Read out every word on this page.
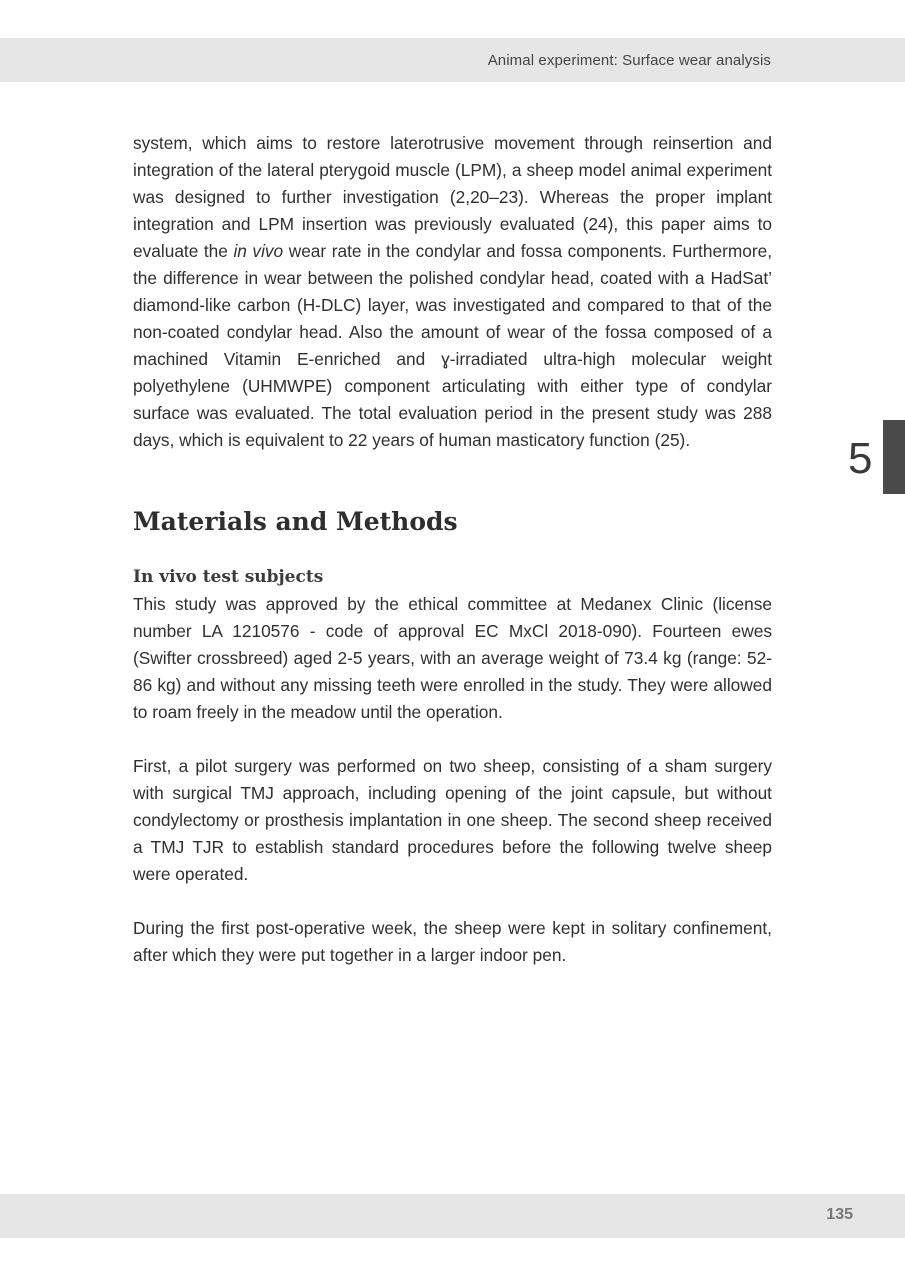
Animal experiment: Surface wear analysis
5

system, which aims to restore laterotrusive movement through reinsertion and integration of the lateral pterygoid muscle (LPM), a sheep model animal experiment was designed to further investigation (2,20–23). Whereas the proper implant integration and LPM insertion was previously evaluated (24), this paper aims to evaluate the in vivo wear rate in the condylar and fossa components. Furthermore, the difference in wear between the polished condylar head, coated with a HadSat’ diamond-like carbon (H-DLC) layer, was investigated and compared to that of the non-coated condylar head. Also the amount of wear of the fossa composed of a machined Vitamin E-enriched and ɣ-irradiated ultra-high molecular weight polyethylene (UHMWPE) component articulating with either type of condylar surface was evaluated. The total evaluation period in the present study was 288 days, which is equivalent to 22 years of human masticatory function (25).

Materials and Methods
In vivo test subjects

This study was approved by the ethical committee at Medanex Clinic (license number LA 1210576 - code of approval EC MxCl 2018-090). Fourteen ewes (Swifter crossbreed) aged 2-5 years, with an average weight of 73.4 kg (range: 52-86 kg) and without any missing teeth were enrolled in the study. They were allowed to roam freely in the meadow until the operation.

First, a pilot surgery was performed on two sheep, consisting of a sham surgery with surgical TMJ approach, including opening of the joint capsule, but without condylectomy or prosthesis implantation in one sheep. The second sheep received a TMJ TJR to establish standard procedures before the following twelve sheep were operated.

During the first post-operative week, the sheep were kept in solitary confinement, after which they were put together in a larger indoor pen.

135
